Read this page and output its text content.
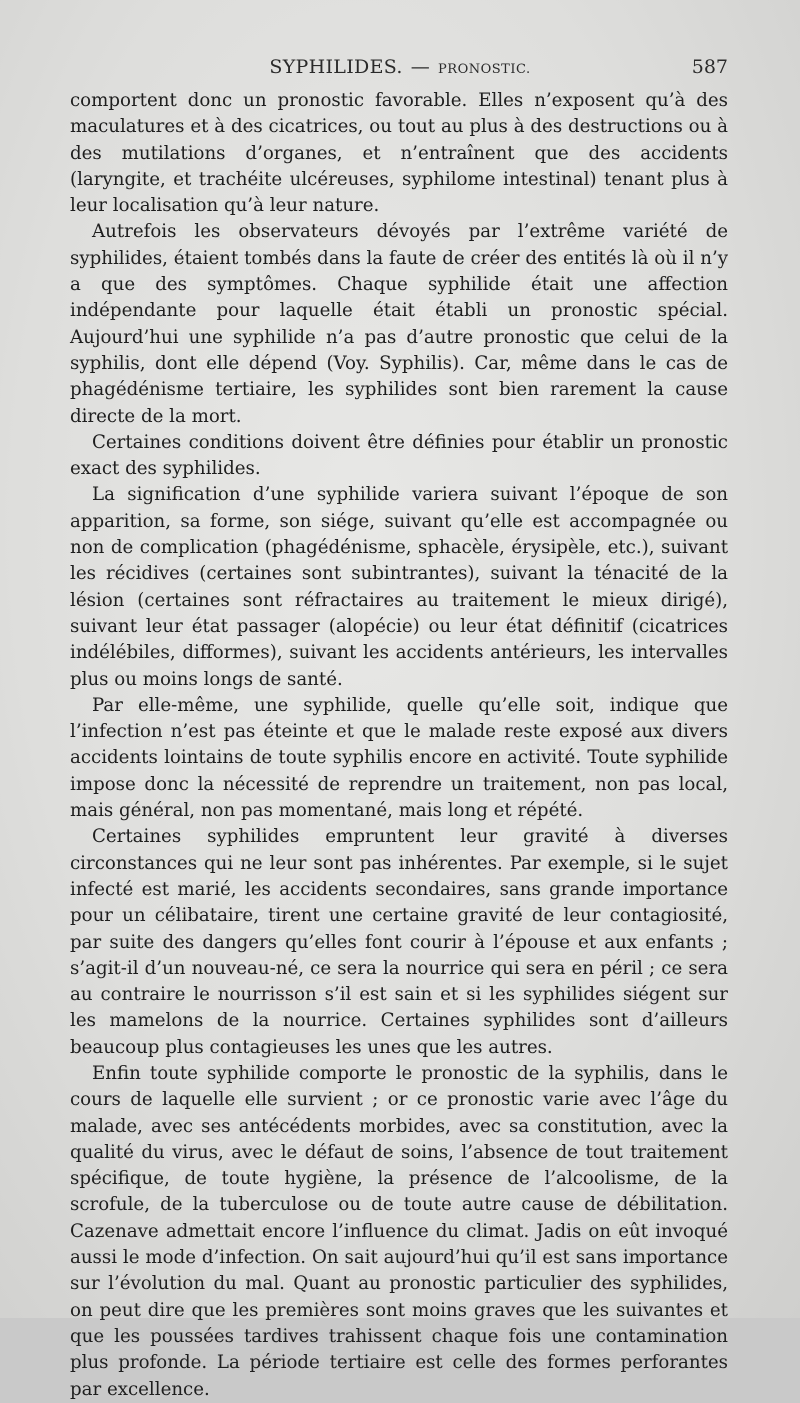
SYPHILIDES. — PRONOSTIC.	587

comportent donc un pronostic favorable. Elles n’exposent qu’à des maculatures et à des cicatrices, ou tout au plus à des destructions ou à des mutilations d’organes, et n’entraînent que des accidents (laryngite, et trachéite ulcéreuses, syphilome intestinal) tenant plus à leur localisation qu’à leur nature.

Autrefois les observateurs dévoyés par l’extrême variété de syphilides, étaient tombés dans la faute de créer des entités là où il n’y a que des symptômes. Chaque syphilide était une affection indépendante pour laquelle était établi un pronostic spécial. Aujourd’hui une syphilide n’a pas d’autre pronostic que celui de la syphilis, dont elle dépend (Voy. Syphilis). Car, même dans le cas de phagédénisme tertiaire, les syphilides sont bien rarement la cause directe de la mort.

Certaines conditions doivent être définies pour établir un pronostic exact des syphilides.

La signification d’une syphilide variera suivant l’époque de son apparition, sa forme, son siége, suivant qu’elle est accompagnée ou non de complication (phagédénisme, sphacèle, érysipèle, etc.), suivant les récidives (certaines sont subintrantes), suivant la ténacité de la lésion (certaines sont réfractaires au traitement le mieux dirigé), suivant leur état passager (alopécie) ou leur état définitif (cicatrices indélébiles, difformes), suivant les accidents antérieurs, les intervalles plus ou moins longs de santé.

Par elle-même, une syphilide, quelle qu’elle soit, indique que l’infection n’est pas éteinte et que le malade reste exposé aux divers accidents lointains de toute syphilis encore en activité. Toute syphilide impose donc la nécessité de reprendre un traitement, non pas local, mais général, non pas momentané, mais long et répété.

Certaines syphilides empruntent leur gravité à diverses circonstances qui ne leur sont pas inhérentes. Par exemple, si le sujet infecté est marié, les accidents secondaires, sans grande importance pour un célibataire, tirent une certaine gravité de leur contagiosité, par suite des dangers qu’elles font courir à l’épouse et aux enfants ; s’agit-il d’un nouveau-né, ce sera la nourrice qui sera en péril ; ce sera au contraire le nourrisson s’il est sain et si les syphilides siégent sur les mamelons de la nourrice. Certaines syphilides sont d’ailleurs beaucoup plus contagieuses les unes que les autres.

Enfin toute syphilide comporte le pronostic de la syphilis, dans le cours de laquelle elle survient ; or ce pronostic varie avec l’âge du malade, avec ses antécédents morbides, avec sa constitution, avec la qualité du virus, avec le défaut de soins, l’absence de tout traitement spécifique, de toute hygiène, la présence de l’alcoolisme, de la scrofule, de la tuberculose ou de toute autre cause de débilitation. Cazenave admettait encore l’influence du climat. Jadis on eût invoqué aussi le mode d’infection. On sait aujourd’hui qu’il est sans importance sur l’évolution du mal. Quant au pronostic particulier des syphilides, on peut dire que les premières sont moins graves que les suivantes et que les poussées tardives trahissent chaque fois une contamination plus profonde. La période tertiaire est celle des formes perforantes par excellence.
